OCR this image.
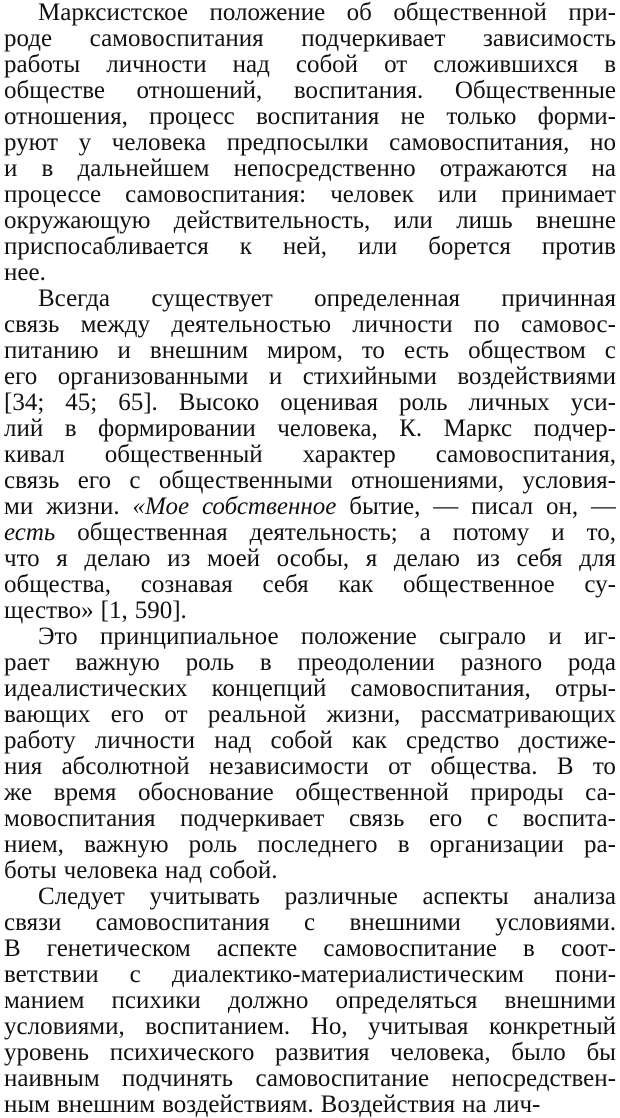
Марксистское положение об общественной при-
роде самовоспитания подчеркивает зависимость
работы личности над собой от сложившихся в
обществе отношений, воспитания. Общественные
отношения, процесс воспитания не только форми-
руют у человека предпосылки самовоспитания, но
и в дальнейшем непосредственно отражаются на
процессе самовоспитания: человек или принимает
окружающую действительность, или лишь внешне
приспосабливается к ней, или борется против
нее.
Всегда существует определенная причинная
связь между деятельностью личности по самовос-
питанию и внешним миром, то есть обществом с
его организованными и стихийными воздействиями
[34; 45; 65]. Высоко оценивая роль личных уси-
лий в формировании человека, К. Маркс подчер-
кивал общественный характер самовоспитания,
связь его с общественными отношениями, условия-
ми жизни. «Мое собственное бытие, — писал он, —
есть общественная деятельность; а потому и то,
что я делаю из моей особы, я делаю из себя для
общества, сознавая себя как общественное су-
щество» [1, 590].
Это принципиальное положение сыграло и иг-
рает важную роль в преодолении разного рода
идеалистических концепций самовоспитания, отры-
вающих его от реальной жизни, рассматривающих
работу личности над собой как средство достиже-
ния абсолютной независимости от общества. В то
же время обоснование общественной природы са-
мовоспитания подчеркивает связь его с воспита-
нием, важную роль последнего в организации ра-
боты человека над собой.
Следует учитывать различные аспекты анализа
связи самовоспитания с внешними условиями.
В генетическом аспекте самовоспитание в соот-
ветствии с диалектико-материалистическим пони-
манием психики должно определяться внешними
условиями, воспитанием. Но, учитывая конкретный
уровень психического развития человека, было бы
наивным подчинять самовоспитание непосредствен-
ным внешним воздействиям. Воздействия на лич-
